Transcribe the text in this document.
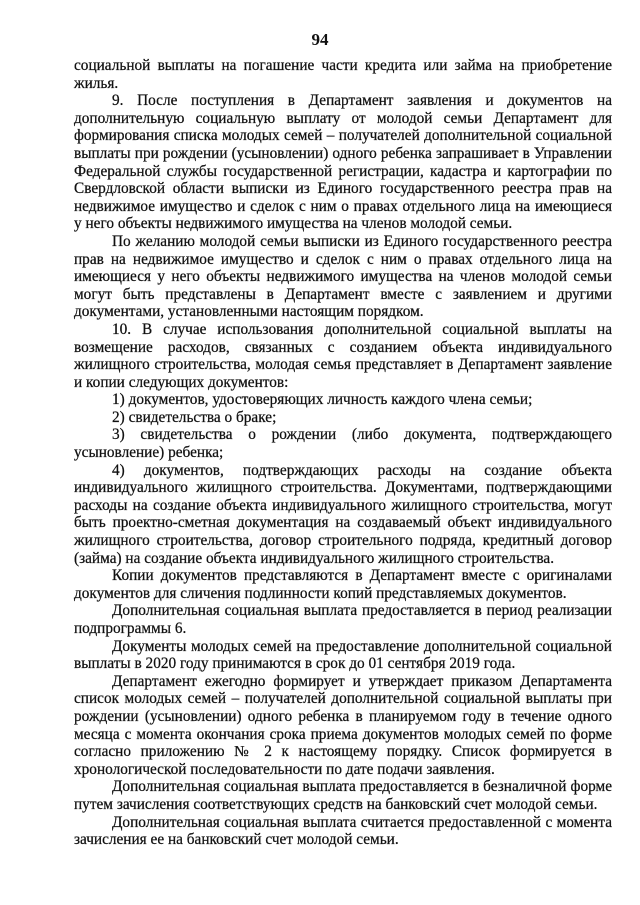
94

социальной выплаты на погашение части кредита или займа на приобретение жилья.

9. После поступления в Департамент заявления и документов на дополнительную социальную выплату от молодой семьи Департамент для формирования списка молодых семей – получателей дополнительной социальной выплаты при рождении (усыновлении) одного ребенка запрашивает в Управлении Федеральной службы государственной регистрации, кадастра и картографии по Свердловской области выписки из Единого государственного реестра прав на недвижимое имущество и сделок с ним о правах отдельного лица на имеющиеся у него объекты недвижимого имущества на членов молодой семьи.

По желанию молодой семьи выписки из Единого государственного реестра прав на недвижимое имущество и сделок с ним о правах отдельного лица на имеющиеся у него объекты недвижимого имущества на членов молодой семьи могут быть представлены в Департамент вместе с заявлением и другими документами, установленными настоящим порядком.

10. В случае использования дополнительной социальной выплаты на возмещение расходов, связанных с созданием объекта индивидуального жилищного строительства, молодая семья представляет в Департамент заявление и копии следующих документов:

1) документов, удостоверяющих личность каждого члена семьи;

2) свидетельства о браке;

3) свидетельства о рождении (либо документа, подтверждающего усыновление) ребенка;

4) документов, подтверждающих расходы на создание объекта индивидуального жилищного строительства. Документами, подтверждающими расходы на создание объекта индивидуального жилищного строительства, могут быть проектно-сметная документация на создаваемый объект индивидуального жилищного строительства, договор строительного подряда, кредитный договор (займа) на создание объекта индивидуального жилищного строительства.

Копии документов представляются в Департамент вместе с оригиналами документов для сличения подлинности копий представляемых документов.

Дополнительная социальная выплата предоставляется в период реализации подпрограммы 6.

Документы молодых семей на предоставление дополнительной социальной выплаты в 2020 году принимаются в срок до 01 сентября 2019 года.

Департамент ежегодно формирует и утверждает приказом Департамента список молодых семей – получателей дополнительной социальной выплаты при рождении (усыновлении) одного ребенка в планируемом году в течение одного месяца с момента окончания срока приема документов молодых семей по форме согласно приложению № 2 к настоящему порядку. Список формируется в хронологической последовательности по дате подачи заявления.

Дополнительная социальная выплата предоставляется в безналичной форме путем зачисления соответствующих средств на банковский счет молодой семьи.

Дополнительная социальная выплата считается предоставленной с момента зачисления ее на банковский счет молодой семьи.
